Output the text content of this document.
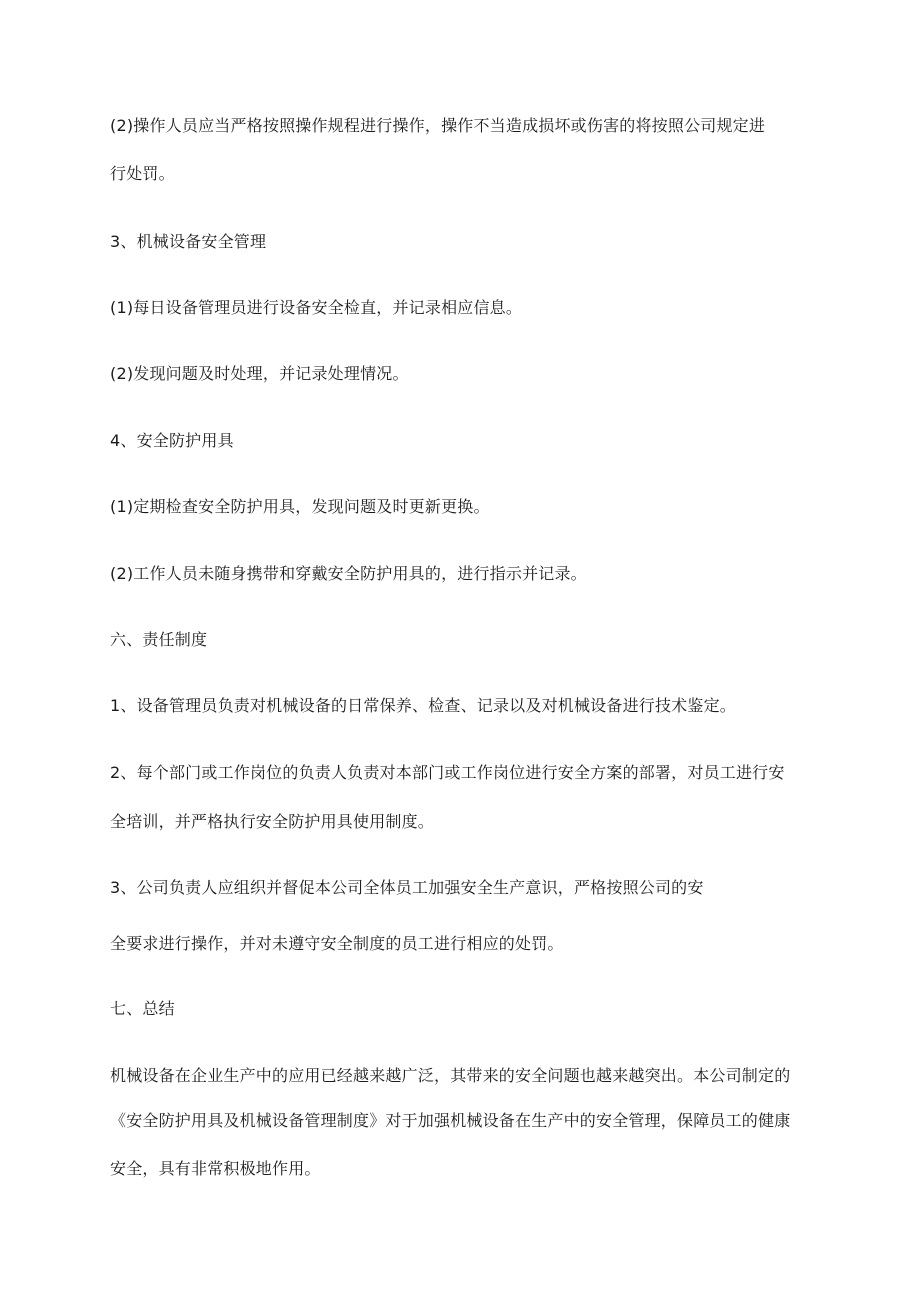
(2)操作人员应当严格按照操作规程进行操作，操作不当造成损坏或伤害的将按照公司规定进
行处罚。
3、机械设备安全管理
(1)每日设备管理员进行设备安全检直，并记录相应信息。
(2)发现问题及时处理，并记录处理情况。
4、安全防护用具
(1)定期检查安全防护用具，发现问题及时更新更换。
(2)工作人员未随身携带和穿戴安全防护用具的，进行指示并记录。
六、责任制度
1、设备管理员负责对机械设备的日常保养、检查、记录以及对机械设备进行技术鉴定。
2、每个部门或工作岗位的负责人负责对本部门或工作岗位进行安全方案的部署，对员工进行安
全培训，并严格执行安全防护用具使用制度。
3、公司负责人应组织并督促本公司全体员工加强安全生产意识，严格按照公司的安
全要求进行操作，并对未遵守安全制度的员工进行相应的处罚。
七、总结
机械设备在企业生产中的应用已经越来越广泛，其带来的安全问题也越来越突出。本公司制定的
《安全防护用具及机械设备管理制度》对于加强机械设备在生产中的安全管理，保障员工的健康
安全，具有非常积极地作用。
